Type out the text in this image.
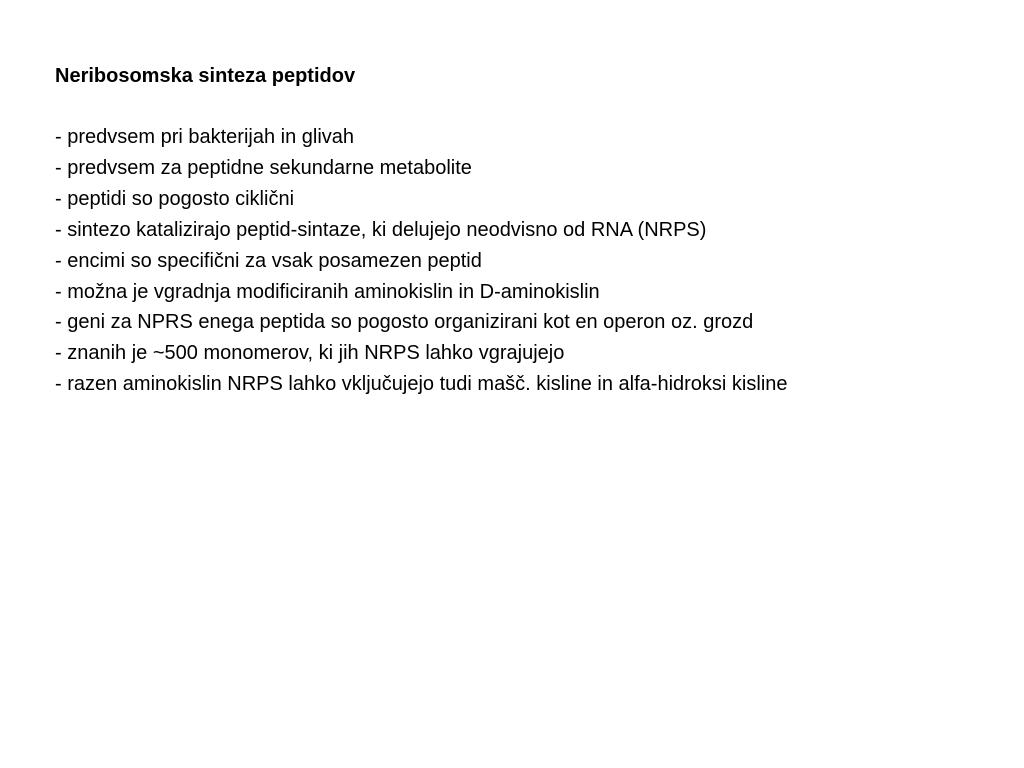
Neribosomska sinteza peptidov
- predvsem pri bakterijah in glivah
- predvsem za peptidne sekundarne metabolite
- peptidi so pogosto ciklični
- sintezo katalizirajo peptid-sintaze, ki delujejo neodvisno od RNA (NRPS)
- encimi so specifični za vsak posamezen peptid
- možna je vgradnja modificiranih aminokislin in D-aminokislin
- geni za NPRS enega peptida so pogosto organizirani kot en operon oz. grozd
- znanih je ~500 monomerov, ki jih NRPS lahko vgrajujejo
- razen aminokislin NRPS lahko vključujejo tudi mašč. kisline in alfa-hidroksi kisline
